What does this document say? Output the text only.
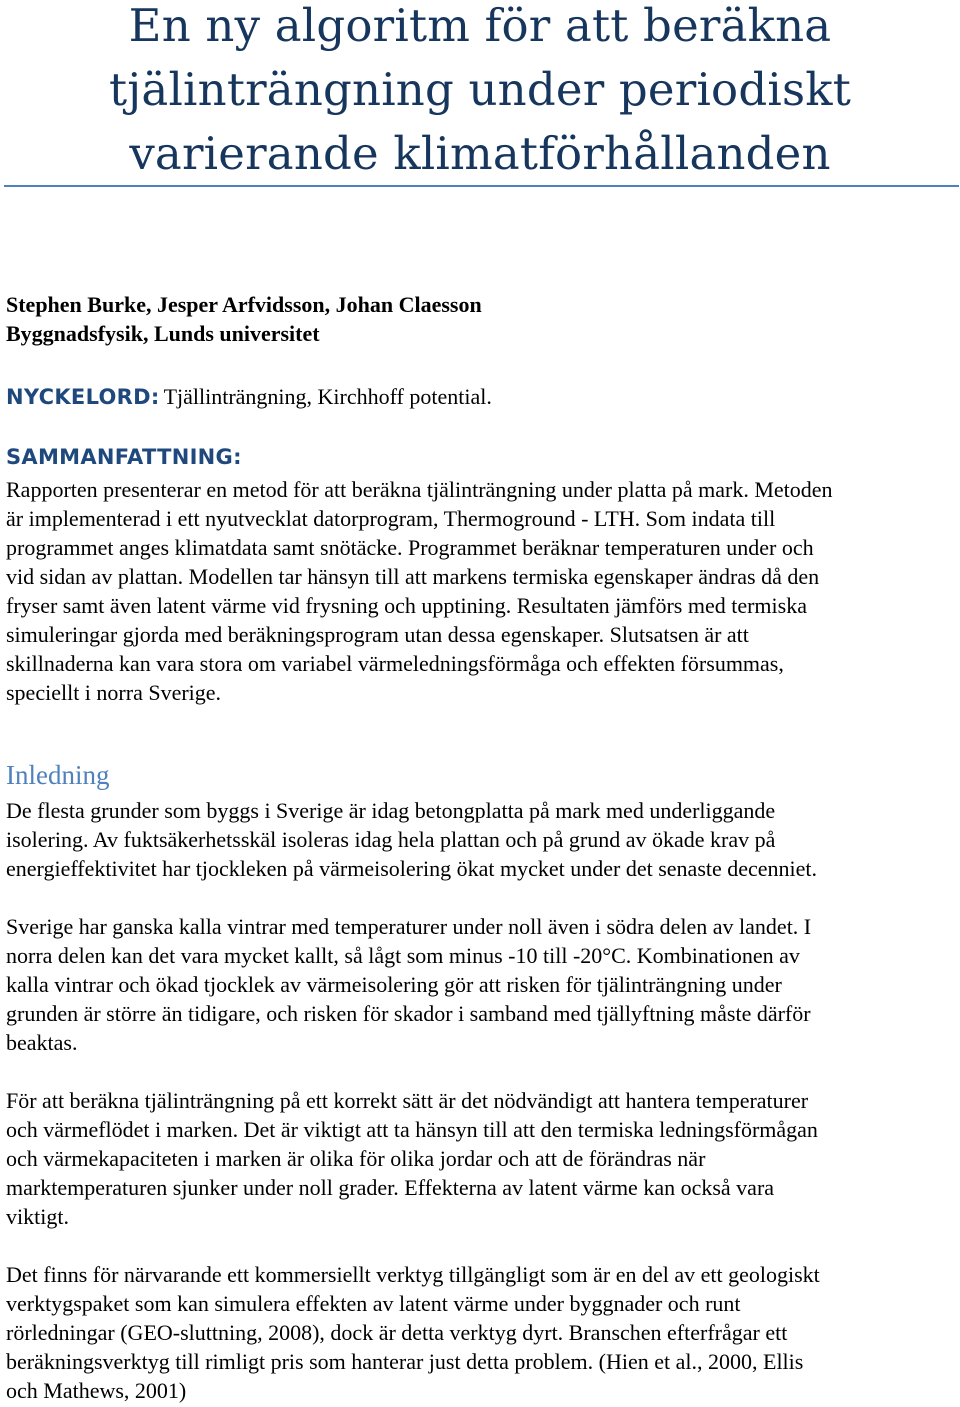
En ny algoritm för att beräkna
tjälinträngning under periodiskt
varierande klimatförhållanden
Stephen Burke, Jesper Arfvidsson, Johan Claesson
Byggnadsfysik, Lunds universitet
NYCKELORD: Tjällinträngning, Kirchhoff potential.
SAMMANFATTNING:
Rapporten presenterar en metod för att beräkna tjälinträngning under platta på mark. Metoden
är implementerad i ett nyutvecklat datorprogram, Thermoground - LTH. Som indata till
programmet anges klimatdata samt snötäcke. Programmet beräknar temperaturen under och
vid sidan av plattan. Modellen tar hänsyn till att markens termiska egenskaper ändras då den
fryser samt även latent värme vid frysning och upptining. Resultaten jämförs med termiska
simuleringar gjorda med beräkningsprogram utan dessa egenskaper. Slutsatsen är att
skillnaderna kan vara stora om variabel värmeledningsförmåga och effekten försummas,
speciellt i norra Sverige.
Inledning
De flesta grunder som byggs i Sverige är idag betongplatta på mark med underliggande
isolering. Av fuktsäkerhetsskäl isoleras idag hela plattan och på grund av ökade krav på
energieffektivitet har tjockleken på värmeisolering ökat mycket under det senaste decenniet.
Sverige har ganska kalla vintrar med temperaturer under noll även i södra delen av landet. I
norra delen kan det vara mycket kallt, så lågt som minus -10 till -20°C. Kombinationen av
kalla vintrar och ökad tjocklek av värmeisolering gör att risken för tjälinträngning under
grunden är större än tidigare, och risken för skador i samband med tjällyftning måste därför
beaktas.
För att beräkna tjälinträngning på ett korrekt sätt är det nödvändigt att hantera temperaturer
och värmeflödet i marken. Det är viktigt att ta hänsyn till att den termiska ledningsförmågan
och värmekapaciteten i marken är olika för olika jordar och att de förändras när
marktemperaturen sjunker under noll grader. Effekterna av latent värme kan också vara
viktigt.
Det finns för närvarande ett kommersiellt verktyg tillgängligt som är en del av ett geologiskt
verktygspaket som kan simulera effekten av latent värme under byggnader och runt
rörledningar (GEO-sluttning, 2008), dock är detta verktyg dyrt. Branschen efterfrågar ett
beräkningsverktyg till rimligt pris som hanterar just detta problem. (Hien et al., 2000, Ellis
och Mathews, 2001)
